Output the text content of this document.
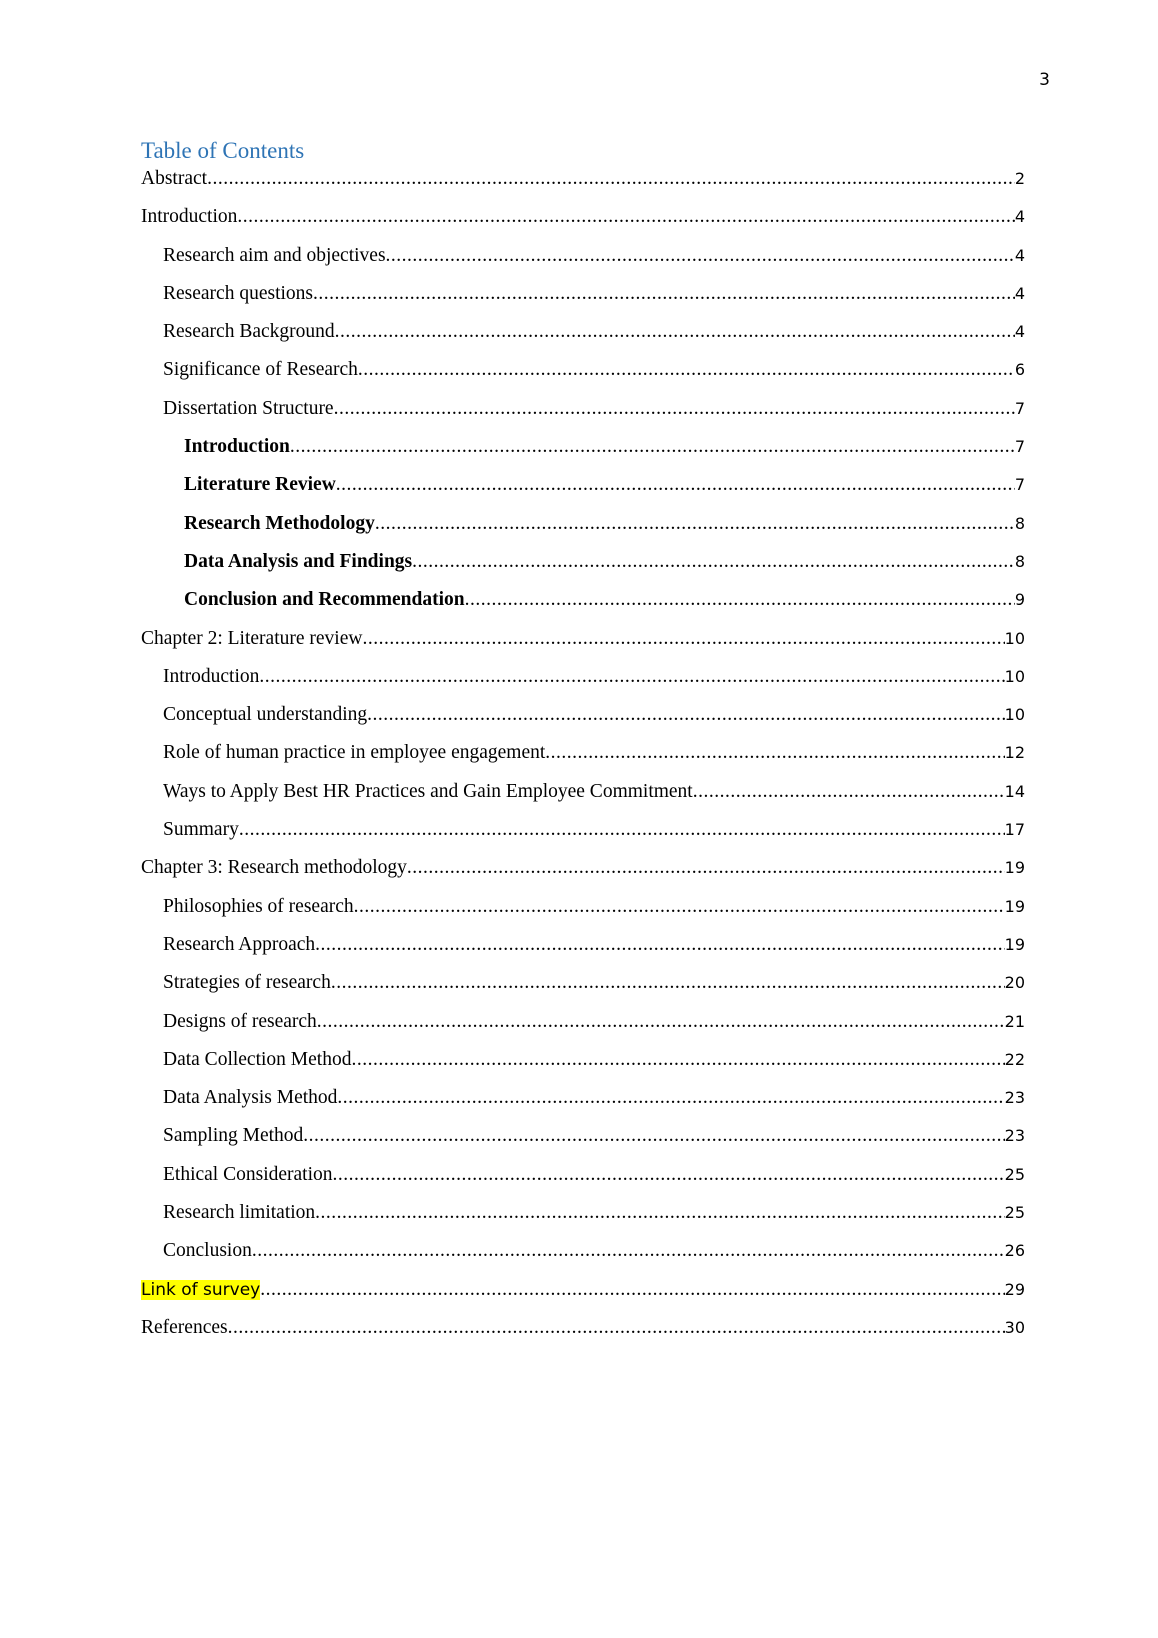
3
Table of Contents
Abstract .....	2
Introduction .....	4
Research aim and objectives .....	4
Research questions .....	4
Research Background .....	4
Significance of Research .....	6
Dissertation Structure .....	7
Introduction .....	7
Literature Review .....	7
Research Methodology .....	8
Data Analysis and Findings .....	8
Conclusion and Recommendation .....	9
Chapter 2: Literature review .....	10
Introduction .....	10
Conceptual understanding .....	10
Role of human practice in employee engagement .....	12
Ways to Apply Best HR Practices and Gain Employee Commitment .....	14
Summary .....	17
Chapter 3: Research methodology .....	19
Philosophies of research .....	19
Research Approach .....	19
Strategies of research .....	20
Designs of research .....	21
Data Collection Method .....	22
Data Analysis Method .....	23
Sampling Method .....	23
Ethical Consideration .....	25
Research limitation .....	25
Conclusion .....	26
Link of survey .....	29
References .....	30
